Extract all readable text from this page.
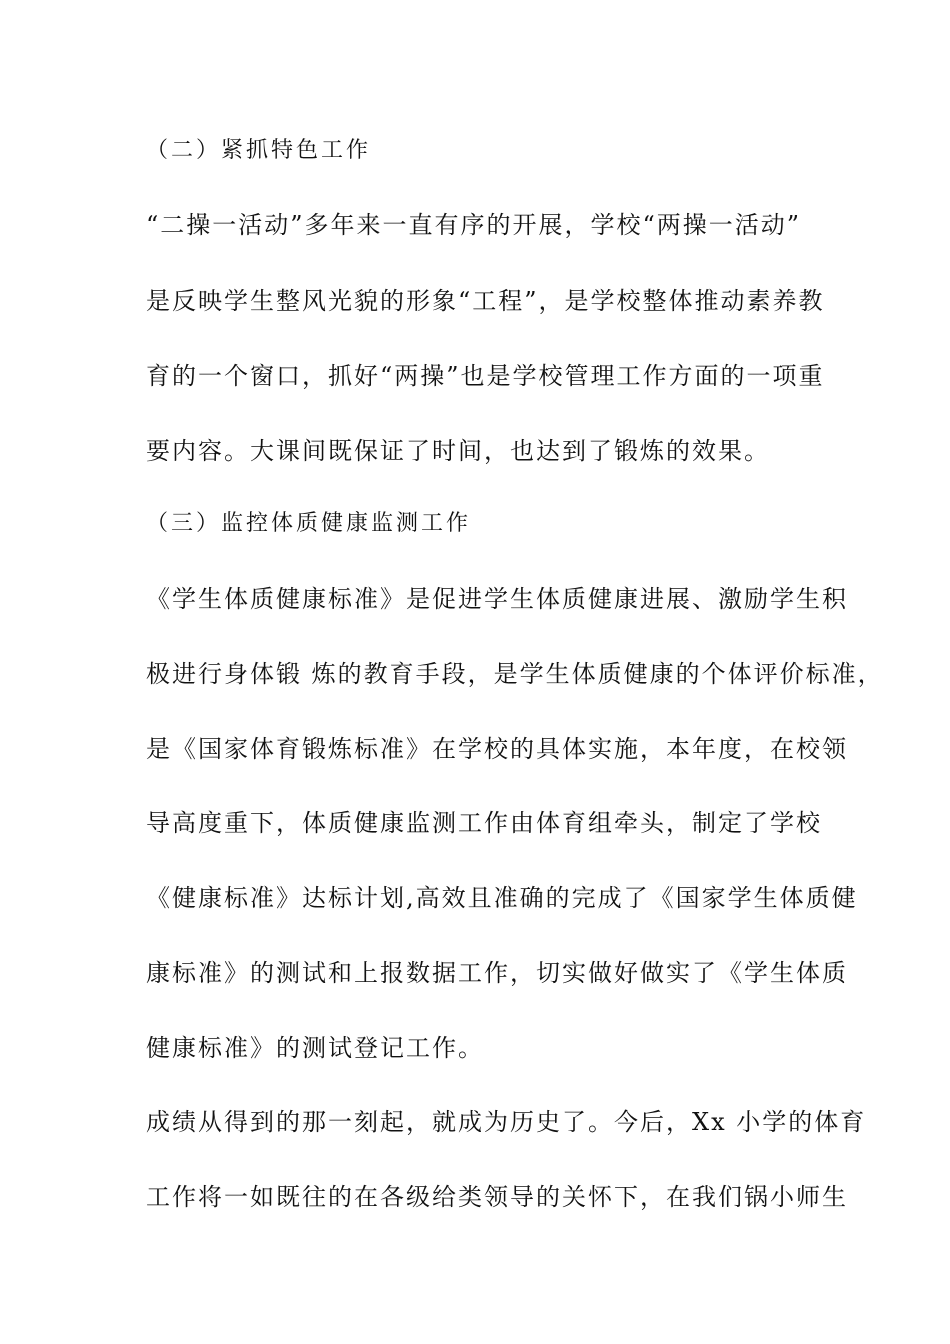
（二）紧抓特色工作
“二操一活动”多年来一直有序的开展，学校“两操一活动”
是反映学生整风光貌的形象“工程”，是学校整体推动素养教
育的一个窗口，抓好“两操”也是学校管理工作方面的一项重
要内容。大课间既保证了时间，也达到了锻炼的效果。
（三）监控体质健康监测工作
《学生体质健康标准》是促进学生体质健康进展、激励学生积
极进行身体锻 炼的教育手段，是学生体质健康的个体评价标准，
是《国家体育锻炼标准》在学校的具体实施，本年度，在校领
导高度重下，体质健康监测工作由体育组牵头，制定了学校
《健康标准》达标计划,高效且准确的完成了《国家学生体质健
康标准》的测试和上报数据工作，切实做好做实了《学生体质
健康标准》的测试登记工作。
成绩从得到的那一刻起，就成为历史了。今后，Xx 小学的体育
工作将一如既往的在各级给类领导的关怀下，在我们锅小师生
